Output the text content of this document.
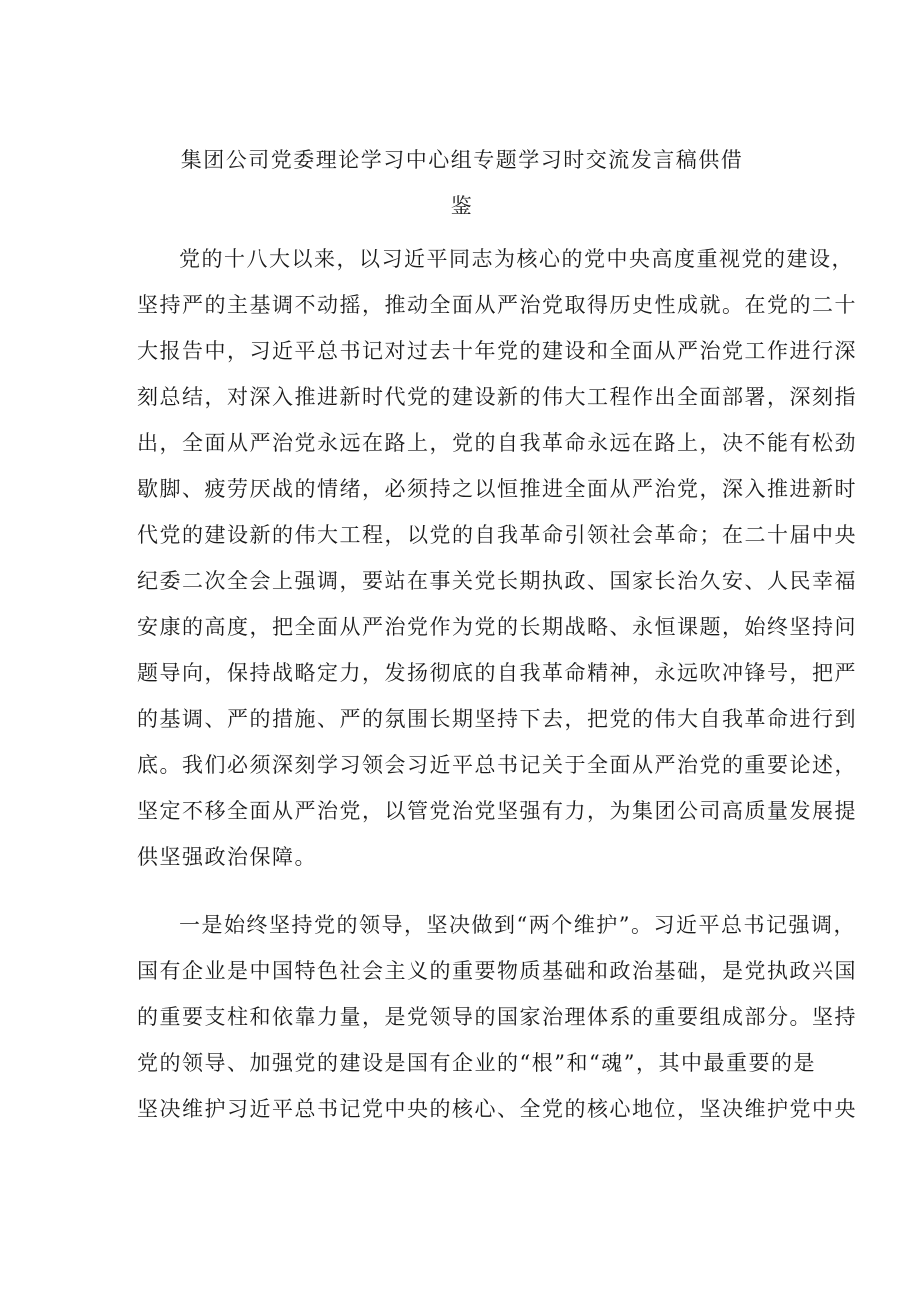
集团公司党委理论学习中心组专题学习时交流发言稿供借
鉴
党的十八大以来，以习近平同志为核心的党中央高度重视党的建设，
坚持严的主基调不动摇，推动全面从严治党取得历史性成就。在党的二十
大报告中，习近平总书记对过去十年党的建设和全面从严治党工作进行深
刻总结，对深入推进新时代党的建设新的伟大工程作出全面部署，深刻指
出，全面从严治党永远在路上，党的自我革命永远在路上，决不能有松劲
歇脚、疲劳厌战的情绪，必须持之以恒推进全面从严治党，深入推进新时
代党的建设新的伟大工程，以党的自我革命引领社会革命；在二十届中央
纪委二次全会上强调，要站在事关党长期执政、国家长治久安、人民幸福
安康的高度，把全面从严治党作为党的长期战略、永恒课题，始终坚持问
题导向，保持战略定力，发扬彻底的自我革命精神，永远吹冲锋号，把严
的基调、严的措施、严的氛围长期坚持下去，把党的伟大自我革命进行到
底。我们必须深刻学习领会习近平总书记关于全面从严治党的重要论述，
坚定不移全面从严治党，以管党治党坚强有力，为集团公司高质量发展提
供坚强政治保障。
一是始终坚持党的领导，坚决做到“两个维护”。习近平总书记强调，
国有企业是中国特色社会主义的重要物质基础和政治基础，是党执政兴国
的重要支柱和依靠力量，是党领导的国家治理体系的重要组成部分。坚持
党的领导、加强党的建设是国有企业的“根”和“魂”，其中最重要的是
坚决维护习近平总书记党中央的核心、全党的核心地位，坚决维护党中央
